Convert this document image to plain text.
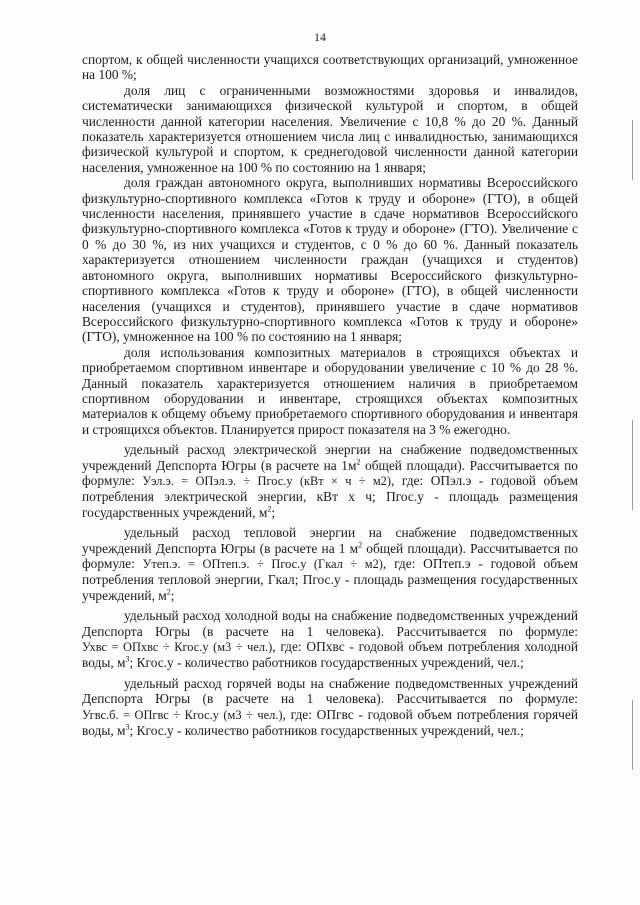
14

спортом, к общей численности учащихся соответствующих организаций, умноженное на 100 %;

доля лиц с ограниченными возможностями здоровья и инвалидов, систематически занимающихся физической культурой и спортом, в общей численности данной категории населения. Увеличение с 10,8 % до 20 %. Данный показатель характеризуется отношением числа лиц с инвалидностью, занимающихся физической культурой и спортом, к среднегодовой численности данной категории населения, умноженное на 100 % по состоянию на 1 января;

доля граждан автономного округа, выполнивших нормативы Всероссийского физкультурно-спортивного комплекса «Готов к труду и обороне» (ГТО), в общей численности населения, принявшего участие в сдаче нормативов Всероссийского физкультурно-спортивного комплекса «Готов к труду и обороне» (ГТО). Увеличение с 0 % до 30 %, из них учащихся и студентов, с 0 % до 60 %. Данный показатель характеризуется отношением численности граждан (учащихся и студентов) автономного округа, выполнивших нормативы Всероссийского физкультурно-спортивного комплекса «Готов к труду и обороне» (ГТО), в общей численности населения (учащихся и студентов), принявшего участие в сдаче нормативов Всероссийского физкультурно-спортивного комплекса «Готов к труду и обороне» (ГТО), умноженное на 100 % по состоянию на 1 января;

доля использования композитных материалов в строящихся объектах и приобретаемом спортивном инвентаре и оборудовании увеличение с 10 % до 28 %. Данный показатель характеризуется отношением наличия в приобретаемом спортивном оборудовании и инвентаре, строящихся объектах композитных материалов к общему объему приобретаемого спортивного оборудования и инвентаря и строящихся объектов. Планируется прирост показателя на 3 % ежегодно.

удельный расход электрической энергии на снабжение подведомственных учреждений Депспорта Югры (в расчете на $1м^2$ общей площади). Рассчитывается по формуле: Уэл.э. = ОПэл.э. ÷ Пгос.у (кВт × ч ÷ м2), где: ОПэл.э - годовой объем потребления электрической энергии, кВт х ч; Пгос.у - площадь размещения государственных учреждений, $м^2$;

удельный расход тепловой энергии на снабжение подведомственных учреждений Депспорта Югры (в расчете на 1 $м^2$ общей площади). Рассчитывается по формуле: Утеп.э. = ОПтеп.э. ÷ Пгос.у (Гкал ÷ м2), где: ОПтеп.э - годовой объем потребления тепловой энергии, Гкал; Пгос.у - площадь размещения государственных учреждений, $м^2$;

удельный расход холодной воды на снабжение подведомственных учреждений Депспорта Югры (в расчете на 1 человека). Рассчитывается по формуле: Ухвс = ОПхвс ÷ Кгос.у (м3 ÷ чел.), где: ОПхвс - годовой объем потребления холодной воды, $м^3$; Кгос.у - количество работников государственных учреждений, чел.;

удельный расход горячей воды на снабжение подведомственных учреждений Депспорта Югры (в расчете на 1 человека). Рассчитывается по формуле: Угвс.б. = ОПгвс ÷ Кгос.у (м3 ÷ чел.), где: ОПгвс - годовой объем потребления горячей воды, $м^3$; Кгос.у - количество работников государственных учреждений, чел.;
